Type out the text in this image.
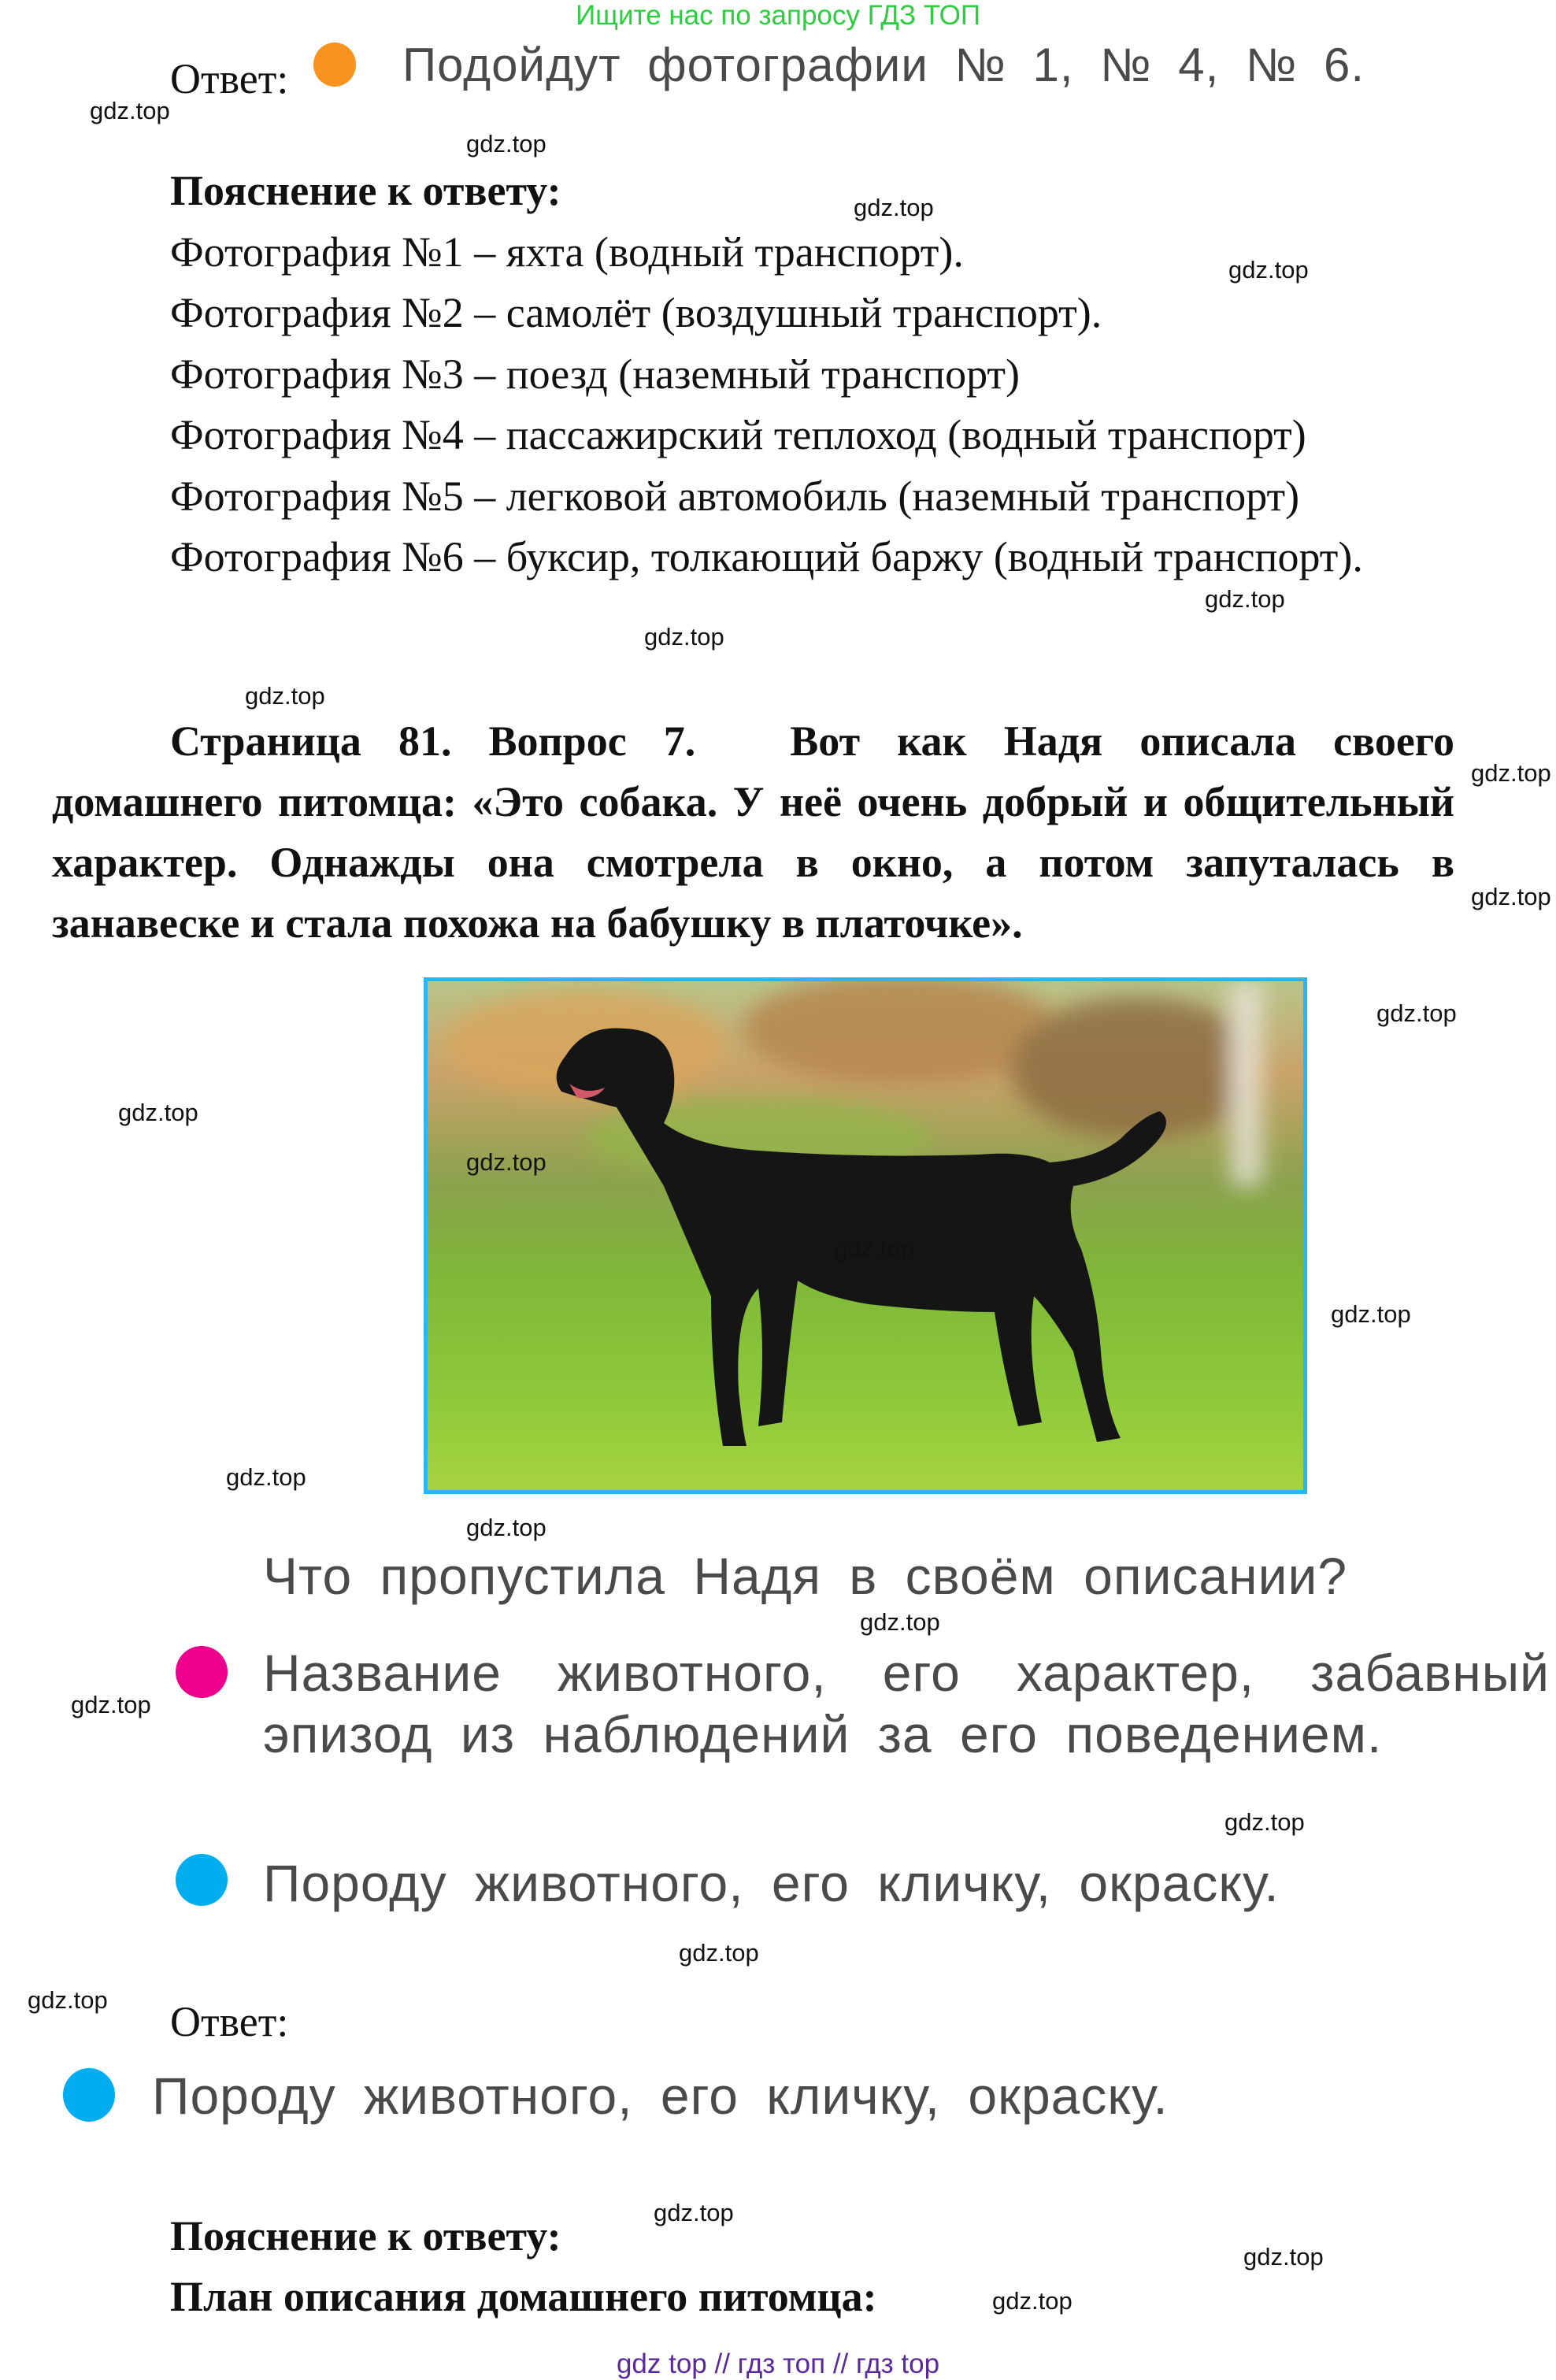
Ищите нас по запросу ГДЗ ТОП
Ответ: Подойдут фотографии № 1, № 4, № 6.
Пояснение к ответу:
Фотография №1 – яхта (водный транспорт).
Фотография №2 – самолёт (воздушный транспорт).
Фотография №3 – поезд (наземный транспорт)
Фотография №4 – пассажирский теплоход (водный транспорт)
Фотография №5 – легковой автомобиль (наземный транспорт)
Фотография №6 – буксир, толкающий баржу (водный транспорт).
Страница 81. Вопрос 7. Вот как Надя описала своего домашнего питомца: «Это собака. У неё очень добрый и общительный характер. Однажды она смотрела в окно, а потом запуталась в занавеске и стала похожа на бабушку в платочке».
Что пропустила Надя в своём описании?
Название животного, его характер, забавный эпизод из наблюдений за его поведением.
Породу животного, его кличку, окраску.
Ответ:
Породу животного, его кличку, окраску.
Пояснение к ответу:
План описания домашнего питомца:
gdz top // гдз топ // гдз top
gdz.top
gdz.top
gdz.top
gdz.top
gdz.top
gdz.top
gdz.top
gdz.top
gdz.top
gdz.top
gdz.top
gdz.top
gdz.top
gdz.top
gdz.top
gdz.top
gdz.top
gdz.top
gdz.top
gdz.top
gdz.top
gdz.top
gdz.top
gdz.top
